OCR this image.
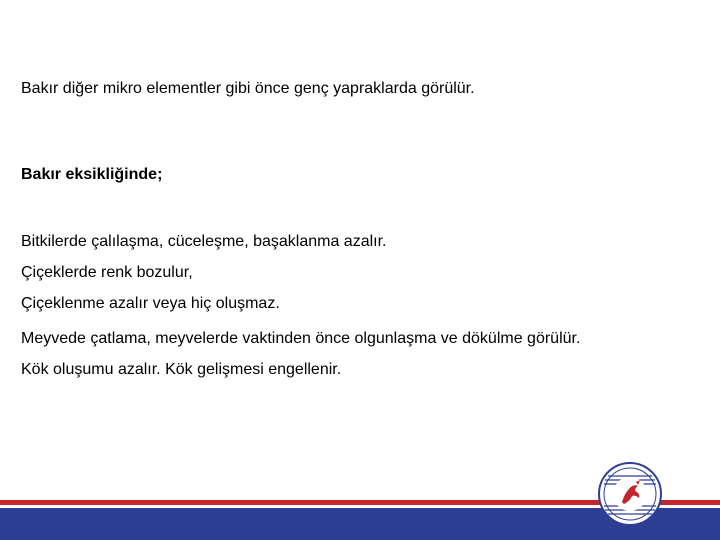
Bakır diğer mikro elementler gibi önce genç yapraklarda görülür.

Bakır eksikliğinde;

Bitkilerde çalılaşma, cüceleşme, başaklanma azalır.

Çiçeklerde renk bozulur,

Çiçeklenme azalır veya hiç oluşmaz.

Meyvede çatlama, meyvelerde vaktinden önce olgunlaşma ve dökülme görülür.

Kök oluşumu azalır. Kök gelişmesi engellenir.
